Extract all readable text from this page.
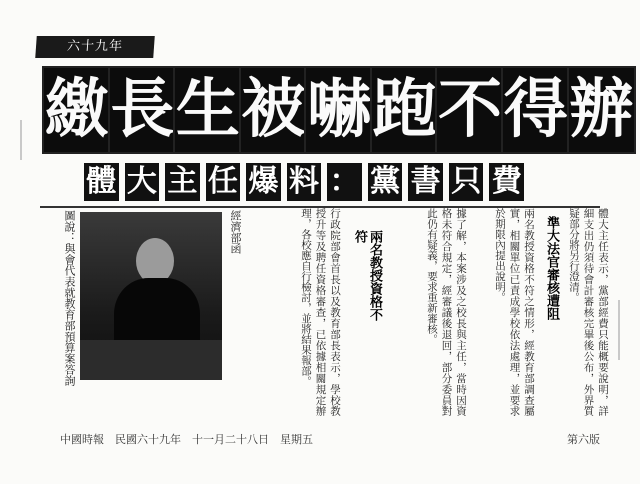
六十九年
繳 長 生 被 嚇 跑 不 得 辦
體 大 主 任 爆 料 ： 黨 書 只 費
圖說：與會代表就教育部預算案答詢	經濟部函	行政院部會首長以及教育部長表示，學校教授升等及聘任資格審查，已依據相關規定辦理，各校應自行檢討，並將結果報部。	兩名教授資格不符	據了解，本案涉及之校長與主任，當時因資格未符合規定，經審議後退回，部分委員對此仍有疑義，要求重新審核。	兩名教授資格不符之情形，經教育部調查屬實，相關單位已責成學校依法處理，並要求於期限內提出說明。	準大法官審核遭阻	體大主任表示，黨部經費只能概要說明，詳細支出仍須待會計審核完畢後公布，外界質疑部分將另行澄清。
中國時報　民國六十九年　十一月二十八日　星期五	第六版
